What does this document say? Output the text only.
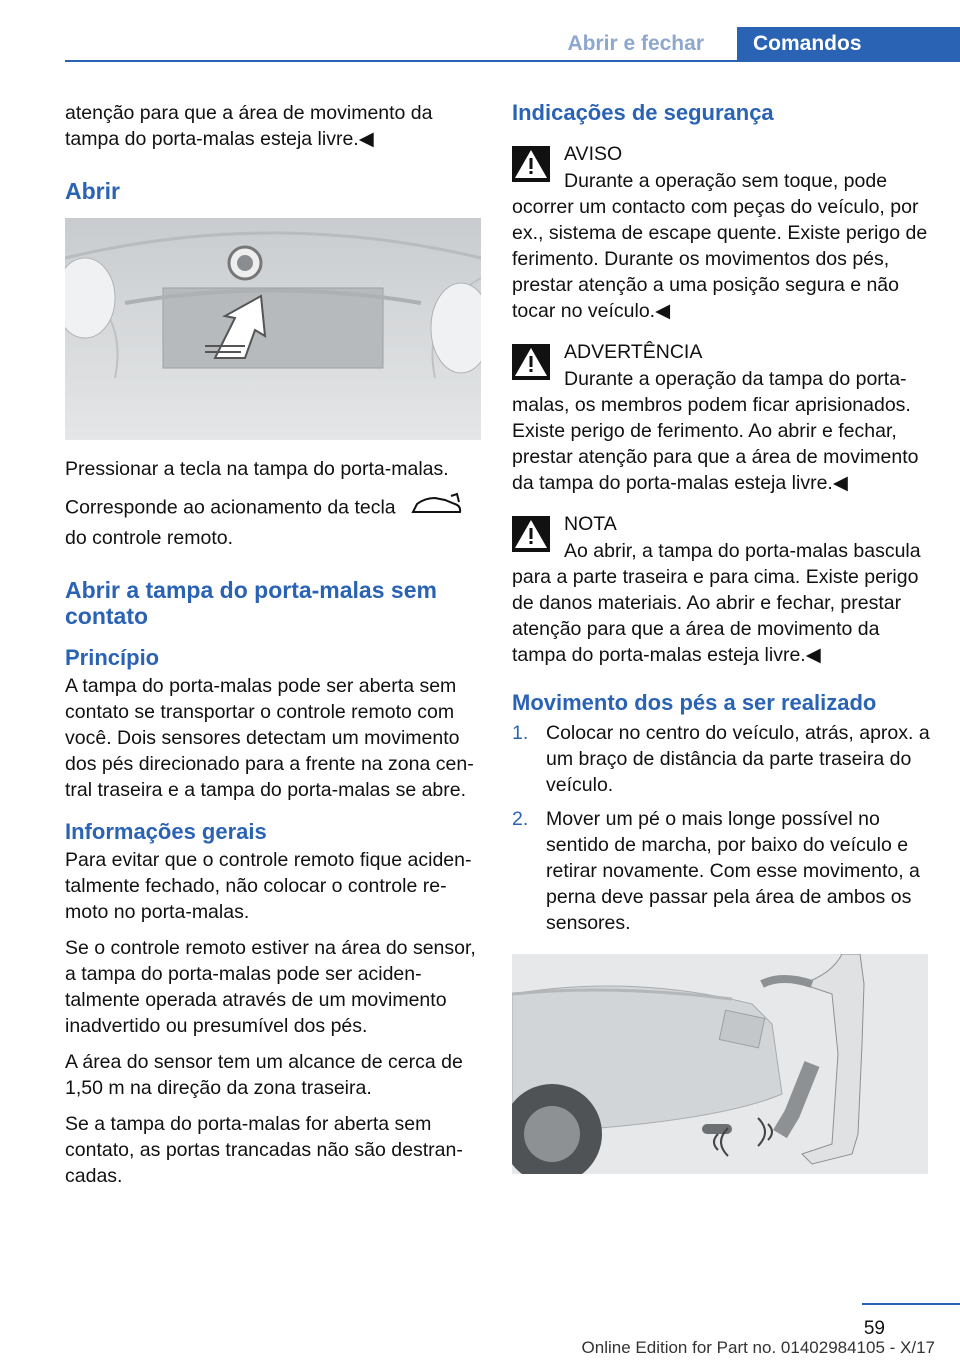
Abrir e fechar	Comandos

atenção para que a área de movimento da tampa do porta-malas esteja livre.◀

Abrir

Pressionar a tecla na tampa do porta-malas.

Corresponde ao acionamento da tecla  do controle remoto.

Abrir a tampa do porta-malas sem contato
Princípio

A tampa do porta-malas pode ser aberta sem contato se transportar o controle remoto com você. Dois sensores detectam um movimento dos pés direcionado para a frente na zona central traseira e a tampa do porta-malas se abre.

Informações gerais

Para evitar que o controle remoto fique acidentalmente fechado, não colocar o controle remoto no porta-malas.

Se o controle remoto estiver na área do sensor, a tampa do porta-malas pode ser acidentalmente operada através de um movimento inadvertido ou presumível dos pés.

A área do sensor tem um alcance de cerca de 1,50 m na direção da zona traseira.

Se a tampa do porta-malas for aberta sem contato, as portas trancadas não são destrancadas.

Indicações de segurança
AVISO
Durante a operação sem toque, pode ocorrer um contacto com peças do veículo, por ex., sistema de escape quente. Existe perigo de ferimento. Durante os movimentos dos pés, prestar atenção a uma posição segura e não tocar no veículo.◀
ADVERTÊNCIA
Durante a operação da tampa do porta-malas, os membros podem ficar aprisionados. Existe perigo de ferimento. Ao abrir e fechar, prestar atenção para que a área de movimento da tampa do porta-malas esteja livre.◀
NOTA
Ao abrir, a tampa do porta-malas bascula para a parte traseira e para cima. Existe perigo de danos materiais. Ao abrir e fechar, prestar atenção para que a área de movimento da tampa do porta-malas esteja livre.◀
Movimento dos pés a ser realizado
1. Colocar no centro do veículo, atrás, aprox. a um braço de distância da parte traseira do veículo.
2. Mover um pé o mais longe possível no sentido de marcha, por baixo do veículo e retirar novamente. Com esse movimento, a perna deve passar pela área de ambos os sensores.
59
Online Edition for Part no. 01402984105 - X/17
